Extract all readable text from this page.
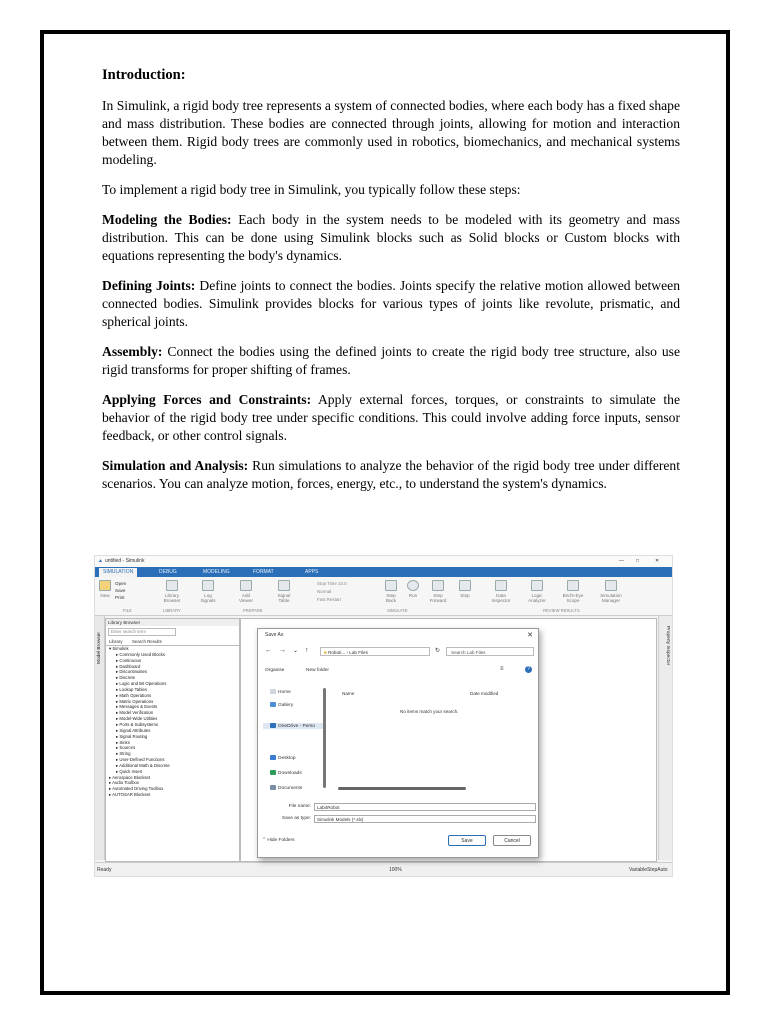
Introduction:

In Simulink, a rigid body tree represents a system of connected bodies, where each body has a fixed shape and mass distribution. These bodies are connected through joints, allowing for motion and interaction between them. Rigid body trees are commonly used in robotics, biomechanics, and mechanical systems modeling.

To implement a rigid body tree in Simulink, you typically follow these steps:

Modeling the Bodies: Each body in the system needs to be modeled with its geometry and mass distribution. This can be done using Simulink blocks such as Solid blocks or Custom blocks with equations representing the body's dynamics.

Defining Joints: Define joints to connect the bodies. Joints specify the relative motion allowed between connected bodies. Simulink provides blocks for various types of joints like revolute, prismatic, and spherical joints.

Assembly: Connect the bodies using the defined joints to create the rigid body tree structure, also use rigid transforms for proper shifting of frames.

Applying Forces and Constraints: Apply external forces, torques, or constraints to simulate the behavior of the rigid body tree under specific conditions. This could involve adding force inputs, sensor feedback, or other control signals.

Simulation and Analysis: Run simulations to analyze the behavior of the rigid body tree under different scenarios. You can analyze motion, forces, energy, etc., to understand the system's dynamics.

▲ untitled - Simulink	— □	✕
SIMULATION	DEBUG	MODELING	FORMAT	APPS
New
Open
Save
Print	Library Browser
Log Signals
Add Viewer
Signal Table
Stop Time 10.0
Normal
Fast Restart
Step Back
Run	Step Forward
Stop	Data Inspector
Logic Analyzer
Bird's-Eye Scope
Simulation Manager
FILE	LIBRARY	PREPARE	SIMULATE	REVIEW RESULTS
Model Browser
Library Browser
Enter search term
Library Search Results
▾ Simulink
▸ Commonly Used Blocks
▸ Continuous
▸ Dashboard
▸ Discontinuities
▸ Discrete
▸ Logic and Bit Operations
▸ Lookup Tables
▸ Math Operations
▸ Matrix Operations
▸ Messages & Events
▸ Model Verification
▸ Model-Wide Utilities
▸ Ports & Subsystems
▸ Signal Attributes
▸ Signal Routing
▸ Sinks
▸ Sources
▸ String
▸ User-Defined Functions
▸ Additional Math & Discrete
▸ Quick Insert
▸ Aerospace Blockset
▸ Audio Toolbox
▸ Automated Driving Toolbox
▸ AUTOSAR Blockset
Property Inspector
Ready	100%	VariableStepAuto
Save As	✕
← → ⌄ ↑	■ Roboti... › Lab Files	↻	Search Lab Files
Organise	New folder	≡	?
Home
Gallery
OneDrive - Perso
Desktop
Downloads
Documents
Name	Date modified
No items match your search.
File name:	Lab4Robot
Save as type:	Simulink Models (*.slx)
⌃ Hide Folders	Save	Cancel
